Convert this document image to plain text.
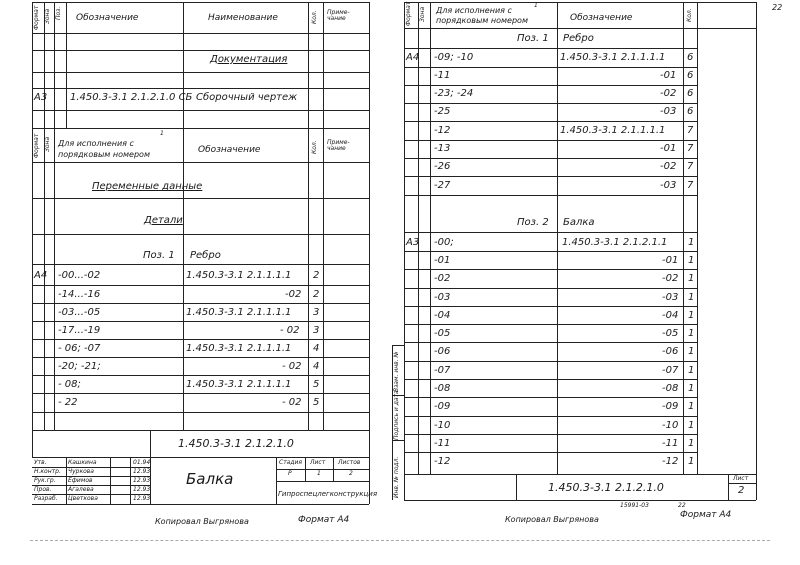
Формат Зона Поз. Обозначение	Наименование	Кол. Приме- чание
Документация
А3 1.450.3-3.1 2.1.2.1.0 СБ Сборочный чертеж
Формат Зона Для исполнения с порядковым номером
1
Обозначение	Кол. Приме- чание
Переменные данные
Детали
Поз. 1 Ребро
А4 -00...-02	1.450.3-3.1 2.1.1.1.1 2
-14...-16	-02 2
-03...-05	1.450.3-3.1 2.1.1.1.1 3
-17...-19	- 02 3
- 06; -07	1.450.3-3.1 2.1.1.1.1 4
-20; -21;	- 02 4
- 08;	1.450.3-3.1 2.1.1.1.1 5
- 22	- 02 5
1.450.3-3.1 2.1.2.1.0
Балка
Стадия
Р
Лист
1
Листов
2
Гипроспецлегконструкция
Утв.	Кашкина	01.94
Н.контр. Чуркова	12.93
Рук.гр. Ефимов	12.93
Пров.	Агалева	12.93
Разраб. Цветкова	12.93
Копировал Выгрянова	Формат А4
22
Инв. № подл.
Подпись и дата
Взам. инв. №
Формат Зона Для исполнения с порядковым номером
1
Обозначение	Кол.
1.450.3-3.1 2.1.2.1.0
Лист
2
15991-03	22
Поз. 1 Ребро
А4 -09; -10	1.450.3-3.1 2.1.1.1.1 6
-11	-01 6
-23; -24	-02 6
-25	-03 6
-12	1.450.3-3.1 2.1.1.1.1 7
-13	-01 7
-26	-02 7
-27	-03 7
Поз. 2 Балка
А3 -00;	1.450.3-3.1 2.1.2.1.1 1
-01	-01 1
-02	-02 1
-03	-03 1
-04	-04 1
-05	-05 1
-06	-06 1
-07	-07 1
-08	-08 1
-09	-09 1
-10	-10 1
-11	-11 1
-12	-12 1
Копировал Выгрянова	Формат А4
